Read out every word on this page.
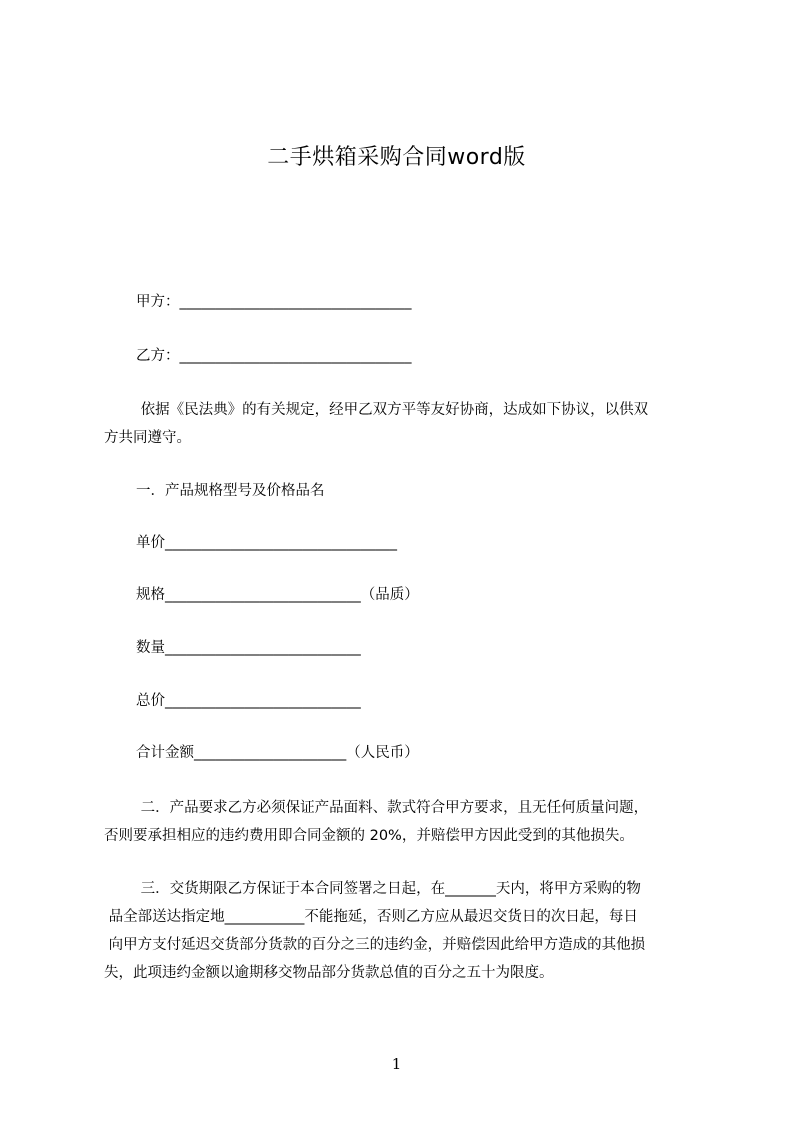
二手烘箱采购合同word版
甲方：________________________________
乙方：________________________________
依据《民法典》的有关规定，经甲乙双方平等友好协商，达成如下协议，以供双
方共同遵守。
一．产品规格型号及价格品名
单价________________________________
规格___________________________（品质）
数量___________________________
总价___________________________
合计金额_____________________（人民币）
二．产品要求乙方必须保证产品面料、款式符合甲方要求，且无任何质量问题，
否则要承担相应的违约费用即合同金额的 20%，并赔偿甲方因此受到的其他损失。
三．交货期限乙方保证于本合同签署之日起，在_______天内，将甲方采购的物
品全部送达指定地___________不能拖延，否则乙方应从最迟交货日的次日起，每日
向甲方支付延迟交货部分货款的百分之三的违约金，并赔偿因此给甲方造成的其他损
失，此项违约金额以逾期移交物品部分货款总值的百分之五十为限度。
1
